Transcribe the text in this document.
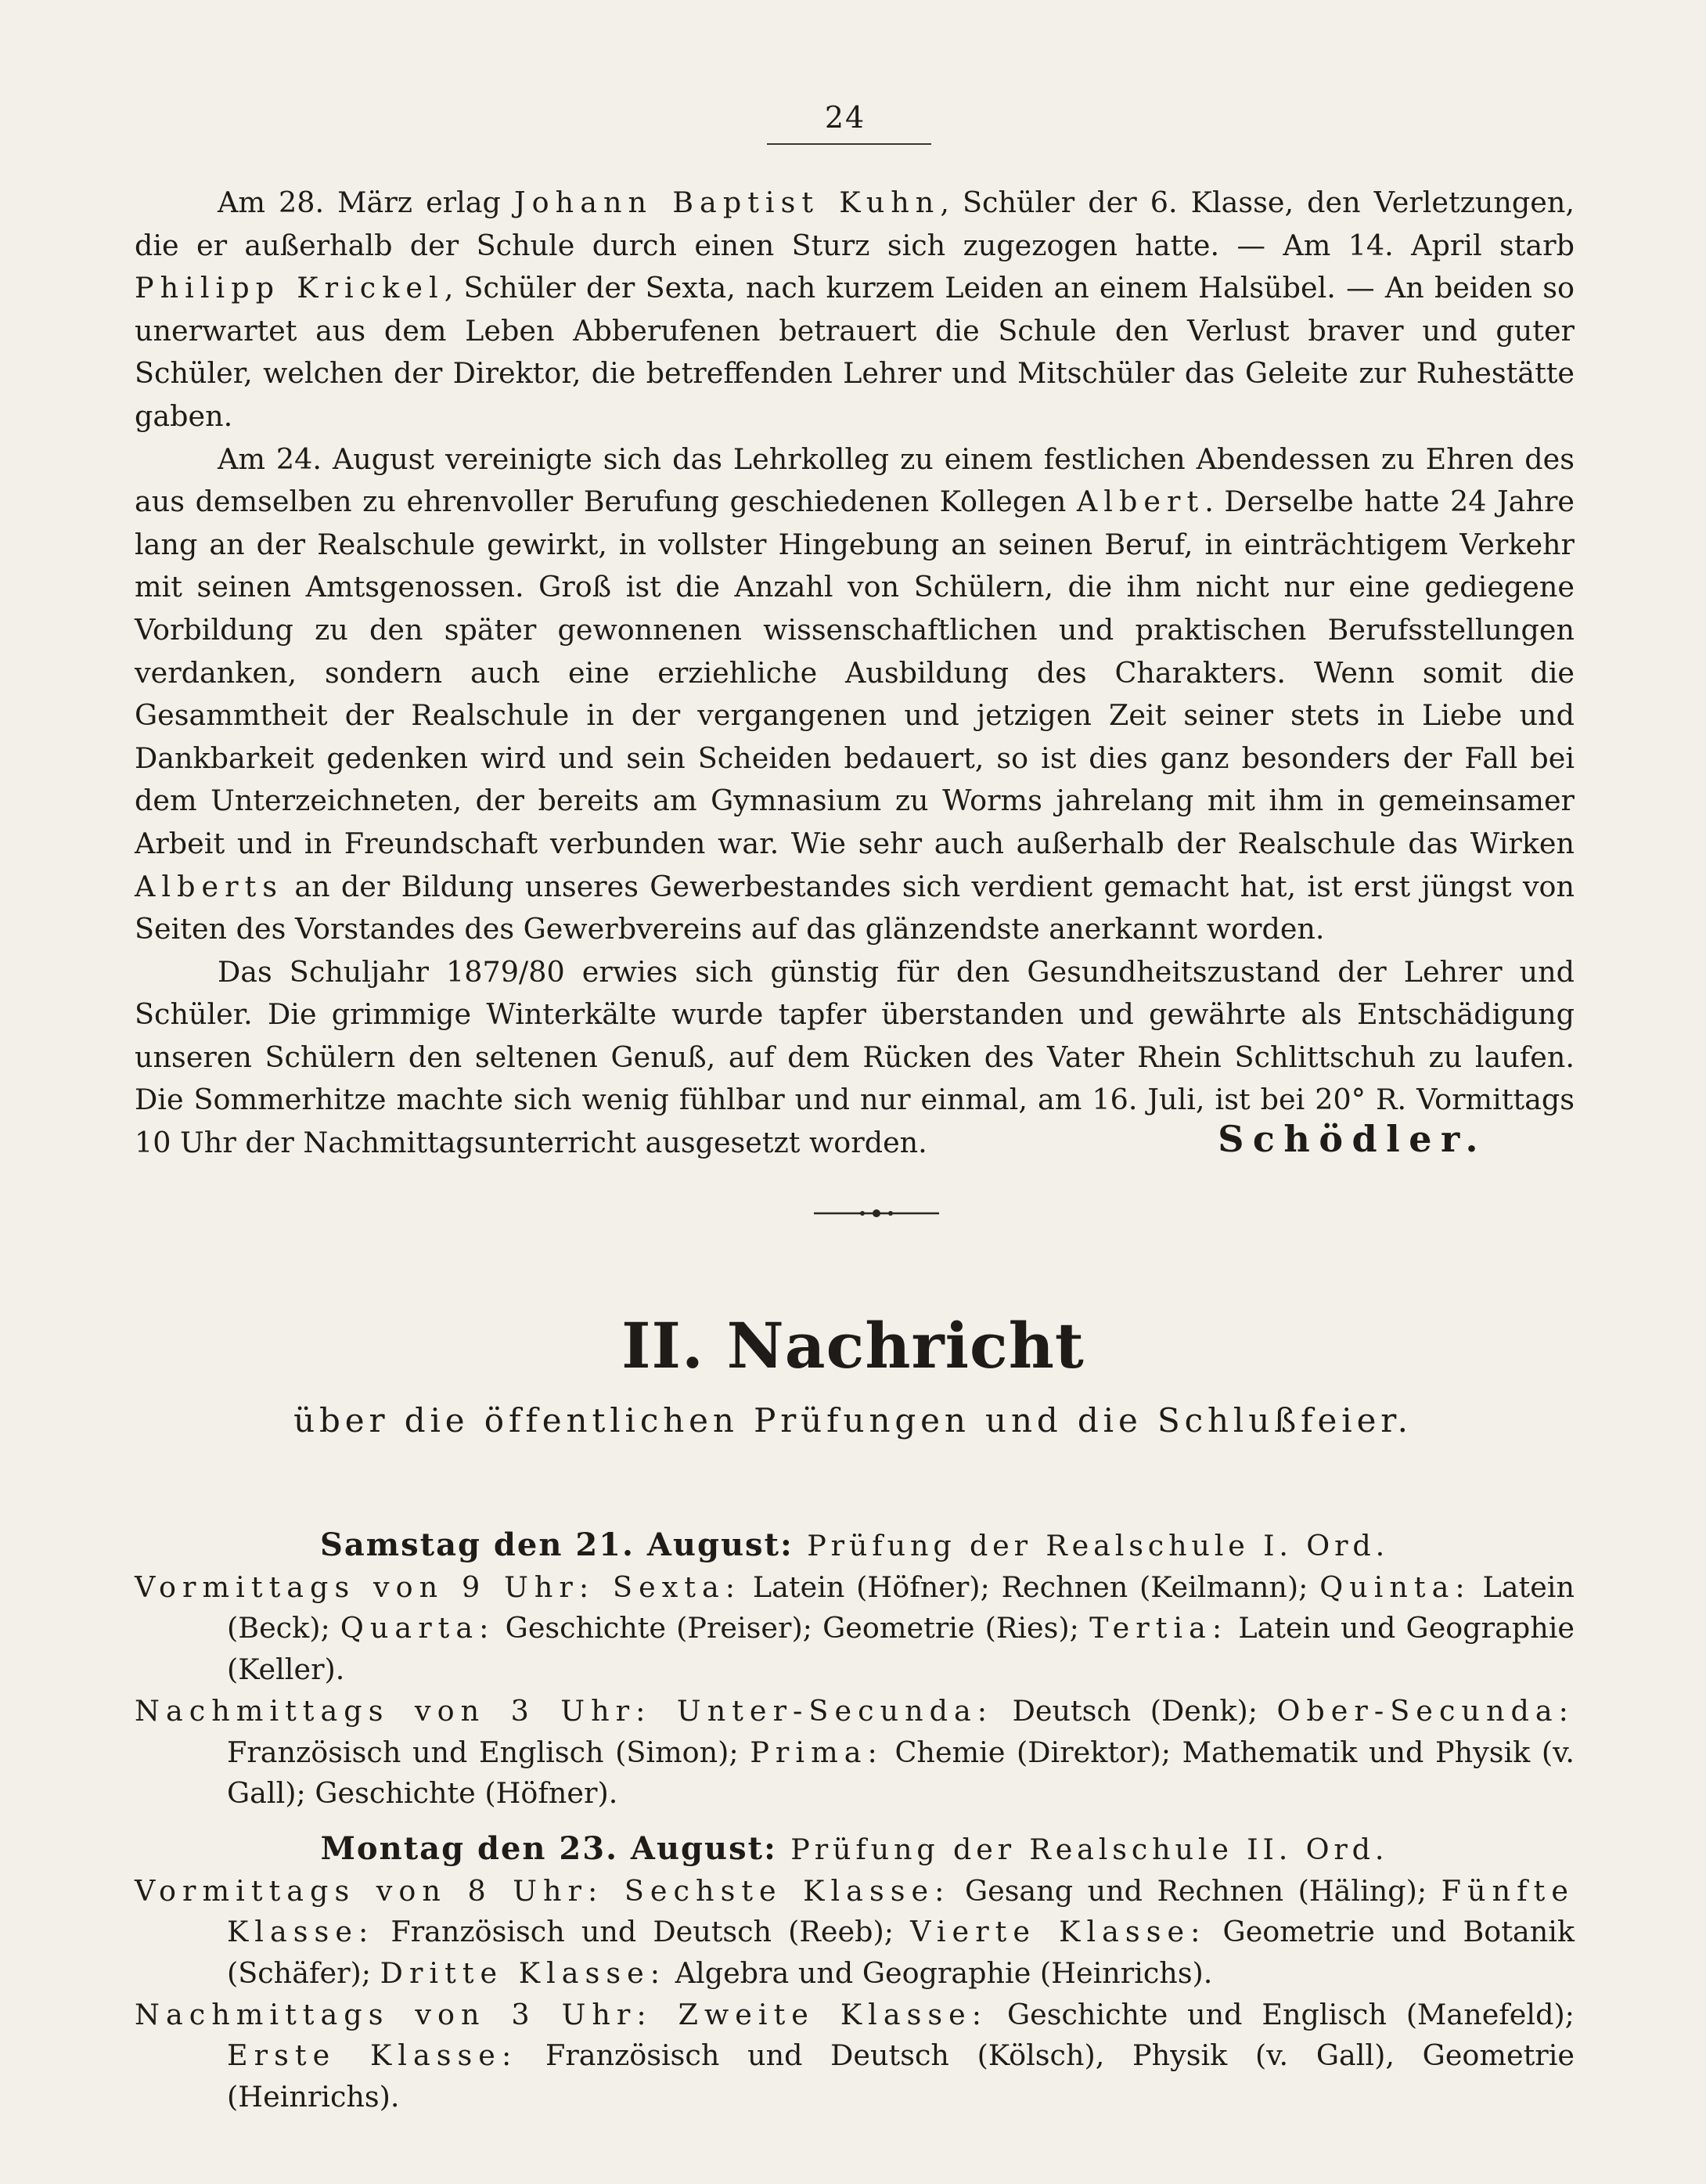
24

Am 28. März erlag Johann Baptist Kuhn, Schüler der 6. Klasse, den Verletzungen, die er außerhalb der Schule durch einen Sturz sich zugezogen hatte. — Am 14. April starb Philipp Krickel, Schüler der Sexta, nach kurzem Leiden an einem Halsübel. — An beiden so unerwartet aus dem Leben Abberufenen betrauert die Schule den Verlust braver und guter Schüler, welchen der Direktor, die betreffenden Lehrer und Mitschüler das Geleite zur Ruhestätte gaben.

Am 24. August vereinigte sich das Lehrkolleg zu einem festlichen Abendessen zu Ehren des aus demselben zu ehrenvoller Berufung geschiedenen Kollegen Albert. Derselbe hatte 24 Jahre lang an der Realschule gewirkt, in vollster Hingebung an seinen Beruf, in einträchtigem Verkehr mit seinen Amtsgenossen. Groß ist die Anzahl von Schülern, die ihm nicht nur eine gediegene Vorbildung zu den später gewonnenen wissenschaftlichen und praktischen Berufsstellungen verdanken, sondern auch eine erziehliche Ausbildung des Charakters. Wenn somit die Gesammtheit der Realschule in der vergangenen und jetzigen Zeit seiner stets in Liebe und Dankbarkeit gedenken wird und sein Scheiden bedauert, so ist dies ganz besonders der Fall bei dem Unterzeichneten, der bereits am Gymnasium zu Worms jahrelang mit ihm in gemeinsamer Arbeit und in Freundschaft verbunden war. Wie sehr auch außerhalb der Realschule das Wirken Alberts an der Bildung unseres Gewerbestandes sich verdient gemacht hat, ist erst jüngst von Seiten des Vorstandes des Gewerbvereins auf das glänzendste anerkannt worden.

Das Schuljahr 1879/80 erwies sich günstig für den Gesundheitszustand der Lehrer und Schüler. Die grimmige Winterkälte wurde tapfer überstanden und gewährte als Entschädigung unseren Schülern den seltenen Genuß, auf dem Rücken des Vater Rhein Schlittschuh zu laufen. Die Sommerhitze machte sich wenig fühlbar und nur einmal, am 16. Juli, ist bei 20° R. Vormittags 10 Uhr der Nachmittagsunterricht ausgesetzt worden.	Schödler.
II. Nachricht
über die öffentlichen Prüfungen und die Schlußfeier.

Samstag den 21. August: Prüfung der Realschule I. Ord.

Vormittags von 9 Uhr: Sexta: Latein (Höfner); Rechnen (Keilmann); Quinta: Latein (Beck); Quarta: Geschichte (Preiser); Geometrie (Ries); Tertia: Latein und Geographie (Keller).

Nachmittags von 3 Uhr: Unter-Secunda: Deutsch (Denk); Ober-Secunda: Französisch und Englisch (Simon); Prima: Chemie (Direktor); Mathematik und Physik (v. Gall); Geschichte (Höfner).

Montag den 23. August: Prüfung der Realschule II. Ord.

Vormittags von 8 Uhr: Sechste Klasse: Gesang und Rechnen (Häling); Fünfte Klasse: Französisch und Deutsch (Reeb); Vierte Klasse: Geometrie und Botanik (Schäfer); Dritte Klasse: Algebra und Geographie (Heinrichs).

Nachmittags von 3 Uhr: Zweite Klasse: Geschichte und Englisch (Manefeld); Erste Klasse: Französisch und Deutsch (Kölsch), Physik (v. Gall), Geometrie (Heinrichs).
